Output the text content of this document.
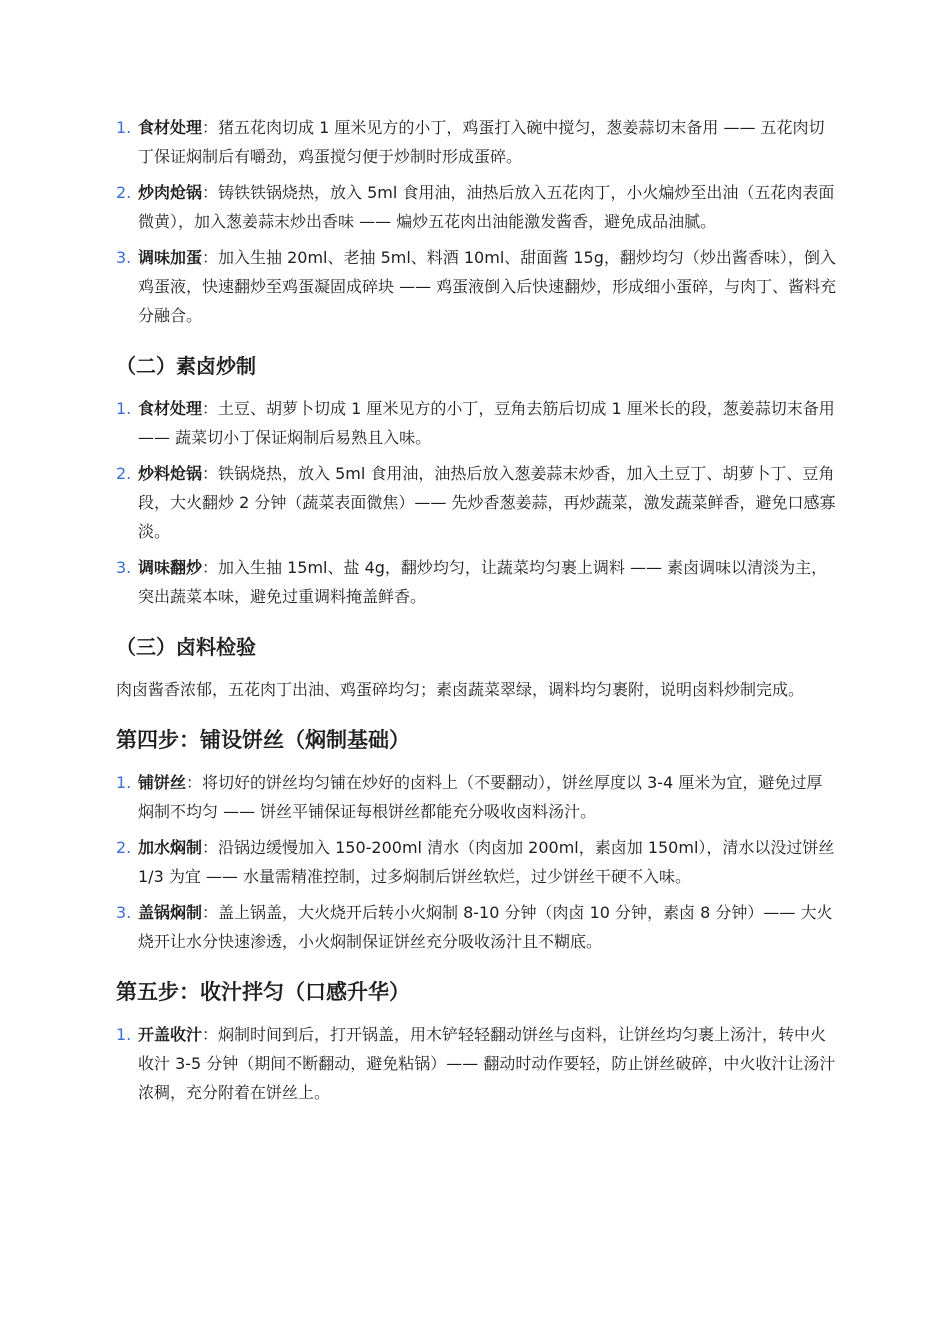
1. 食材处理：猪五花肉切成 1 厘米见方的小丁，鸡蛋打入碗中搅匀，葱姜蒜切末备用 —— 五花肉切丁保证焖制后有嚼劲，鸡蛋搅匀便于炒制时形成蛋碎。
2. 炒肉炝锅：铸铁铁锅烧热，放入 5ml 食用油，油热后放入五花肉丁，小火煸炒至出油（五花肉表面微黄），加入葱姜蒜末炒出香味 —— 煸炒五花肉出油能激发酱香，避免成品油腻。
3. 调味加蛋：加入生抽 20ml、老抽 5ml、料酒 10ml、甜面酱 15g，翻炒均匀（炒出酱香味），倒入鸡蛋液，快速翻炒至鸡蛋凝固成碎块 —— 鸡蛋液倒入后快速翻炒，形成细小蛋碎，与肉丁、酱料充分融合。
（二）素卤炒制
1. 食材处理：土豆、胡萝卜切成 1 厘米见方的小丁，豆角去筋后切成 1 厘米长的段，葱姜蒜切末备用 —— 蔬菜切小丁保证焖制后易熟且入味。
2. 炒料炝锅：铁锅烧热，放入 5ml 食用油，油热后放入葱姜蒜末炒香，加入土豆丁、胡萝卜丁、豆角段，大火翻炒 2 分钟（蔬菜表面微焦）—— 先炒香葱姜蒜，再炒蔬菜，激发蔬菜鲜香，避免口感寡淡。
3. 调味翻炒：加入生抽 15ml、盐 4g，翻炒均匀，让蔬菜均匀裹上调料 —— 素卤调味以清淡为主，突出蔬菜本味，避免过重调料掩盖鲜香。
（三）卤料检验

肉卤酱香浓郁，五花肉丁出油、鸡蛋碎均匀；素卤蔬菜翠绿，调料均匀裹附，说明卤料炒制完成。

第四步：铺设饼丝（焖制基础）
1. 铺饼丝：将切好的饼丝均匀铺在炒好的卤料上（不要翻动），饼丝厚度以 3-4 厘米为宜，避免过厚焖制不均匀 —— 饼丝平铺保证每根饼丝都能充分吸收卤料汤汁。
2. 加水焖制：沿锅边缓慢加入 150-200ml 清水（肉卤加 200ml，素卤加 150ml），清水以没过饼丝 1/3 为宜 —— 水量需精准控制，过多焖制后饼丝软烂，过少饼丝干硬不入味。
3. 盖锅焖制：盖上锅盖，大火烧开后转小火焖制 8-10 分钟（肉卤 10 分钟，素卤 8 分钟）—— 大火烧开让水分快速渗透，小火焖制保证饼丝充分吸收汤汁且不糊底。
第五步：收汁拌匀（口感升华）
1. 开盖收汁：焖制时间到后，打开锅盖，用木铲轻轻翻动饼丝与卤料，让饼丝均匀裹上汤汁，转中火收汁 3-5 分钟（期间不断翻动，避免粘锅）—— 翻动时动作要轻，防止饼丝破碎，中火收汁让汤汁浓稠，充分附着在饼丝上。
